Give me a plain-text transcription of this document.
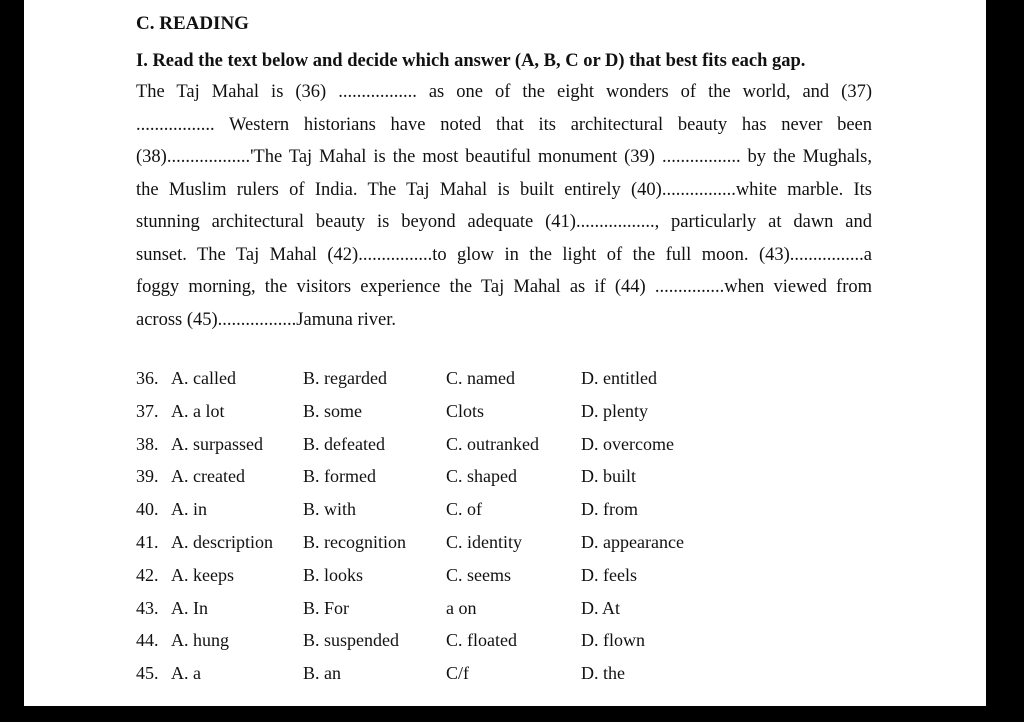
C. READING
I. Read the text below and decide which answer (A, B, C or D) that best fits each gap.
The Taj Mahal is (36) ................. as one of the eight wonders of the world, and (37)
................. Western historians have noted that its architectural beauty has never been
(38)..................'The Taj Mahal is the most beautiful monument (39) ................. by the Mughals,
the Muslim rulers of India. The Taj Mahal is built entirely (40)................white marble. Its
stunning architectural beauty is beyond adequate (41)................., particularly at dawn and
sunset. The Taj Mahal (42)................to glow in the light of the full moon. (43)................a
foggy morning, the visitors experience the Taj Mahal as if (44) ...............when viewed from
across (45).................Jamuna river.
36. A. called	B. regarded	C. named	D. entitled
37. A. a lot	B. some	Clots	D. plenty
38. A. surpassed B. defeated	C. outranked D. overcome
39. A. created	B. formed	C. shaped	D. built
40. A. in	B. with	C. of	D. from
41. A. description B. recognition C. identity	D. appearance
42. A. keeps	B. looks	C. seems	D. feels
43. A. In	B. For	a on	D. At
44. A. hung	B. suspended	C. floated	D. flown
45. A. a	B. an	C/f	D. the
